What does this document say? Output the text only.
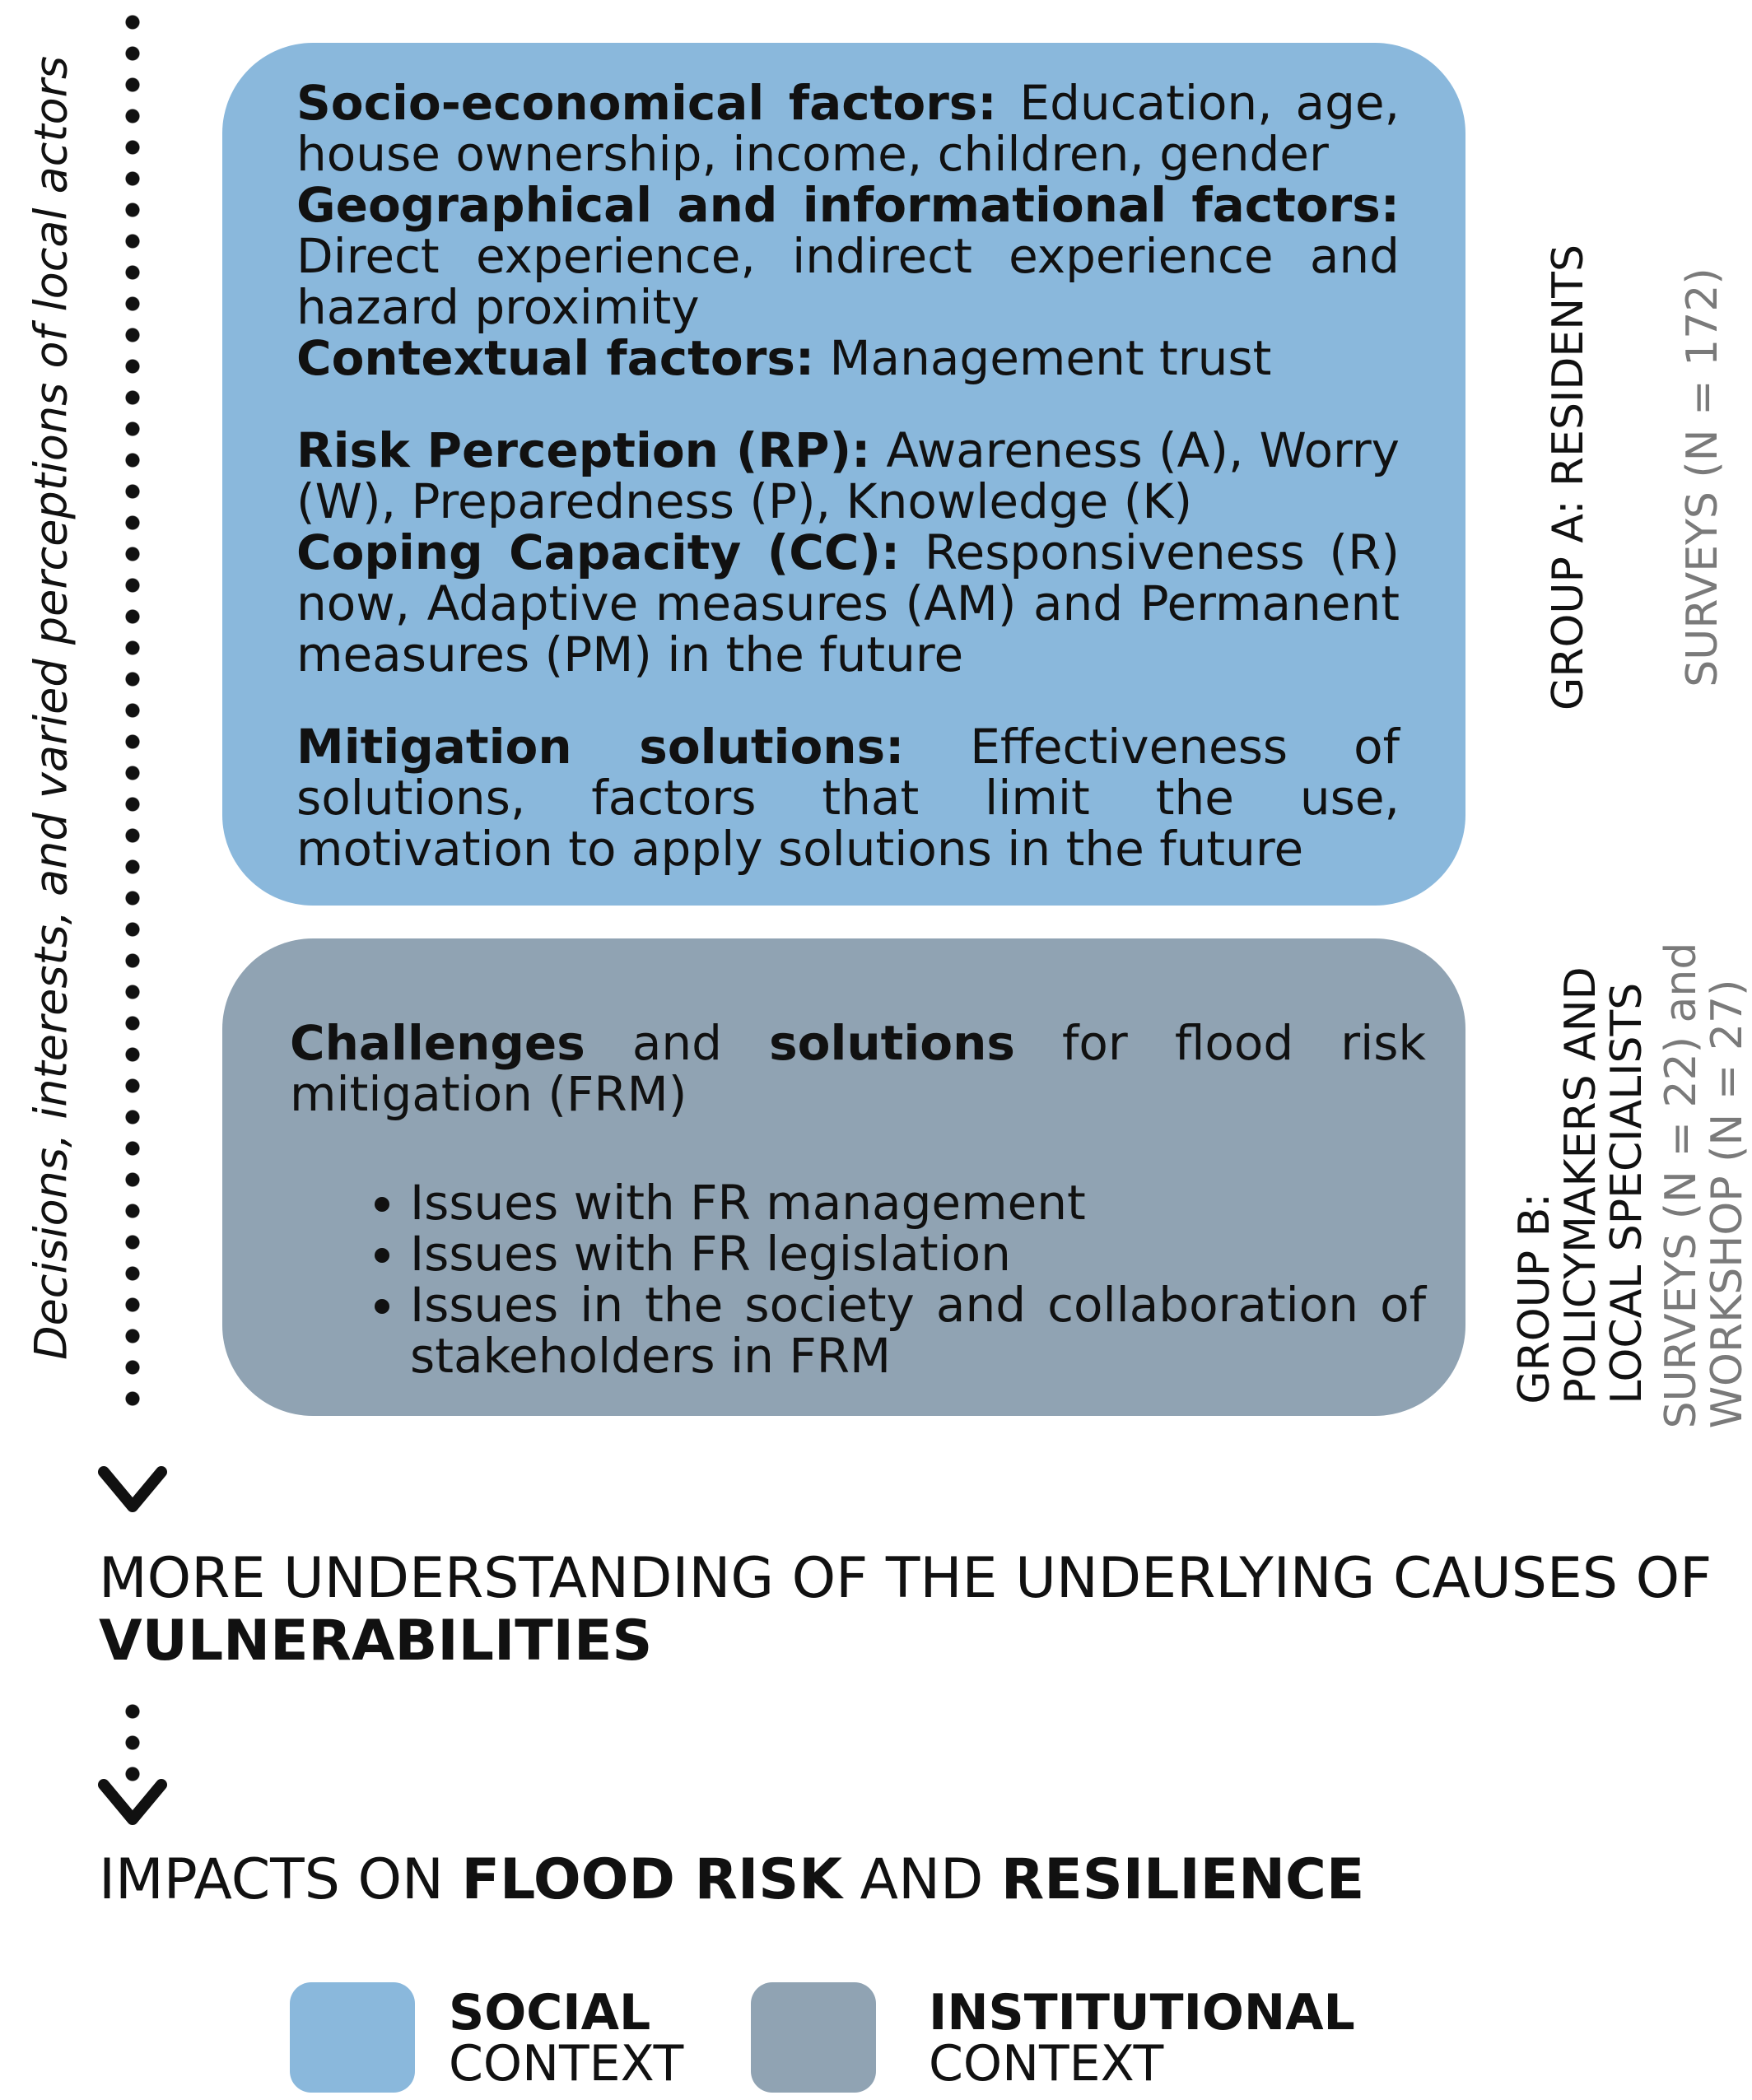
Decisions, interests, and varied perceptions of local actors	Socio-economical factors: Education, age, house ownership, income, children, gender

Geographical and informational factors: Direct experience, indirect experience and hazard proximity

Contextual factors: Management trust

Risk Perception (RP): Awareness (A), Worry (W), Preparedness (P), Knowledge (K)

Coping Capacity (CC): Responsiveness (R) now, Adaptive measures (AM) and Permanent measures (PM) in the future

Mitigation solutions: Effectiveness of solutions, factors that limit the use, motivation to apply solutions in the future

Challenges and solutions for flood risk mitigation (FRM)

• Issues with FR management
• Issues with FR legislation
• Issues in the society and collaboration of stakeholders in FRM
GROUP A: RESIDENTS SURVEYS (N = 172)
GROUP B:
POLICYMAKERS AND
LOCAL SPECIALISTS SURVEYS (N = 22) and
WORKSHOP (N = 27)
MORE UNDERSTANDING OF THE UNDERLYING CAUSES OF
VULNERABILITIES
IMPACTS ON FLOOD RISK AND RESILIENCE
SOCIAL
CONTEXT
INSTITUTIONAL
CONTEXT
